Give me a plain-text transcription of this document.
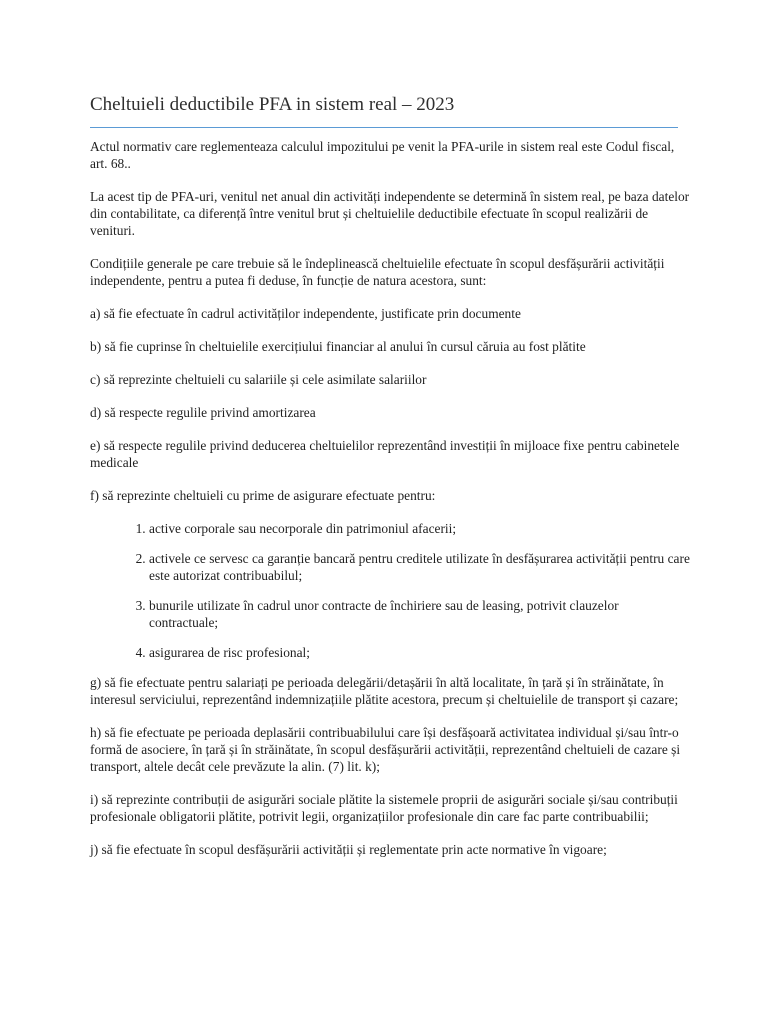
Cheltuieli deductibile PFA in sistem real – 2023

Actul normativ care reglementeaza calculul impozitului pe venit la PFA-urile in sistem real este Codul fiscal, art. 68..

La acest tip de PFA-uri, venitul net anual din activități independente se determină în sistem real, pe baza datelor din contabilitate, ca diferență între venitul brut și cheltuielile deductibile efectuate în scopul realizării de venituri.

Condițiile generale pe care trebuie să le îndeplinească cheltuielile efectuate în scopul desfășurării activității independente, pentru a putea fi deduse, în funcție de natura acestora, sunt:

a) să fie efectuate în cadrul activităților independente, justificate prin documente

b) să fie cuprinse în cheltuielile exercițiului financiar al anului în cursul căruia au fost plătite

c) să reprezinte cheltuieli cu salariile și cele asimilate salariilor

d) să respecte regulile privind amortizarea

e) să respecte regulile privind deducerea cheltuielilor reprezentând investiții în mijloace fixe pentru cabinetele medicale

f) să reprezinte cheltuieli cu prime de asigurare efectuate pentru:

1. active corporale sau necorporale din patrimoniul afacerii;
2. activele ce servesc ca garanție bancară pentru creditele utilizate în desfășurarea activității pentru care este autorizat contribuabilul;
3. bunurile utilizate în cadrul unor contracte de închiriere sau de leasing, potrivit clauzelor contractuale;
4. asigurarea de risc profesional;

g) să fie efectuate pentru salariați pe perioada delegării/detașării în altă localitate, în țară și în străinătate, în interesul serviciului, reprezentând indemnizațiile plătite acestora, precum și cheltuielile de transport și cazare;

h) să fie efectuate pe perioada deplasării contribuabilului care își desfășoară activitatea individual și/sau într-o formă de asociere, în țară și în străinătate, în scopul desfășurării activității, reprezentând cheltuieli de cazare și transport, altele decât cele prevăzute la alin. (7) lit. k);

i) să reprezinte contribuții de asigurări sociale plătite la sistemele proprii de asigurări sociale și/sau contribuții profesionale obligatorii plătite, potrivit legii, organizațiilor profesionale din care fac parte contribuabilii;

j) să fie efectuate în scopul desfășurării activității și reglementate prin acte normative în vigoare;
